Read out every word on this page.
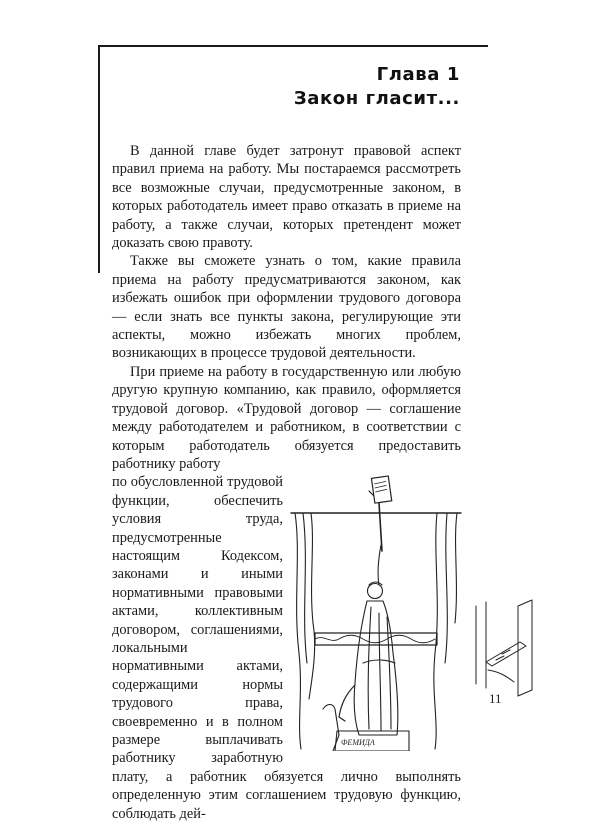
Глава 1
Закон гласит...

В данной главе будет затронут правовой аспект правил приема на работу. Мы постараемся рассмотреть все возможные случаи, предусмотренные законом, в которых работодатель имеет право отказать в приеме на работу, а также случаи, которых претендент может доказать свою правоту.

Также вы сможете узнать о том, какие правила приема на работу предусматриваются законом, как избежать ошибок при оформлении трудового договора — если знать все пункты закона, регулирующие эти аспекты, можно избежать многих проблем, возникающих в процессе трудовой деятельности.

При приеме на работу в государственную или любую другую крупную компанию, как правило, оформляется трудовой договор. «Трудовой договор — соглашение между работодателем и работником, в соответствии с которым работодатель обязуется предоставить работнику работу

ФЕМИДА

по обусловленной трудовой функции, обеспечить условия труда, предусмотренные настоящим Кодексом, законами и иными нормативными правовыми актами, коллективным договором, соглашениями, локальными нормативными актами, содержащими нормы трудового права, своевременно и в полном размере выплачивать работнику заработную плату, а работник обязуется лично выполнять определенную этим соглашением трудовую функцию, соблюдать дей-

11
